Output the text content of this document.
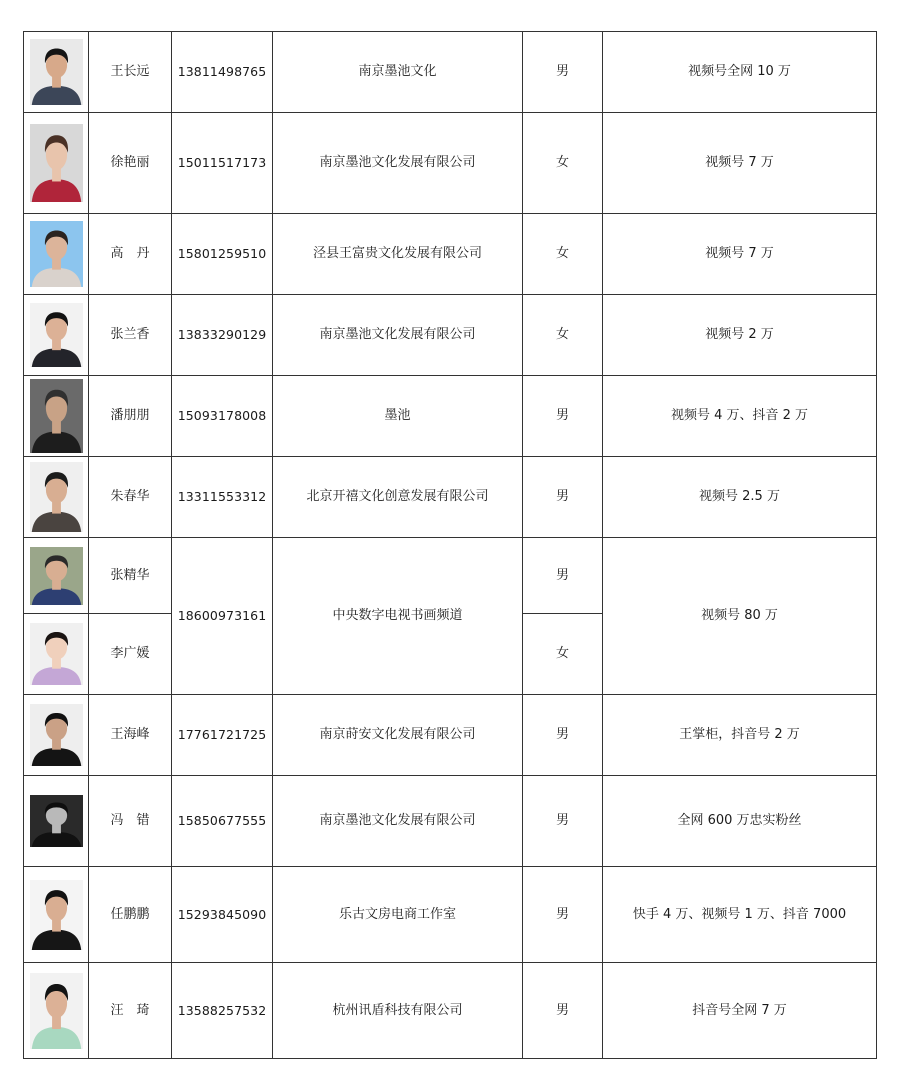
	王长远	13811498765	南京墨池文化	男	视频号全网 10 万

	徐艳丽	15011517173	南京墨池文化发展有限公司	女	视频号 7 万

	高　丹	15801259510	泾县王富贵文化发展有限公司	女	视频号 7 万

	张兰香	13833290129	南京墨池文化发展有限公司	女	视频号 2 万

	潘朋朋	15093178008	墨池	男	视频号 4 万、抖音 2 万

	朱春华	13311553312	北京开禧文化创意发展有限公司	男	视频号 2.5 万

	张精华	18600973161	中央数字电视书画频道	男	视频号 80 万

	李广媛			女	

	王海峰	17761721725	南京莳安文化发展有限公司	男	王掌柜，抖音号 2 万

	冯　错	15850677555	南京墨池文化发展有限公司	男	全网 600 万忠实粉丝

	任鹏鹏	15293845090	乐古文房电商工作室	男	快手 4 万、视频号 1 万、抖音 7000

	汪　琦	13588257532	杭州讯盾科技有限公司	男	抖音号全网 7 万
